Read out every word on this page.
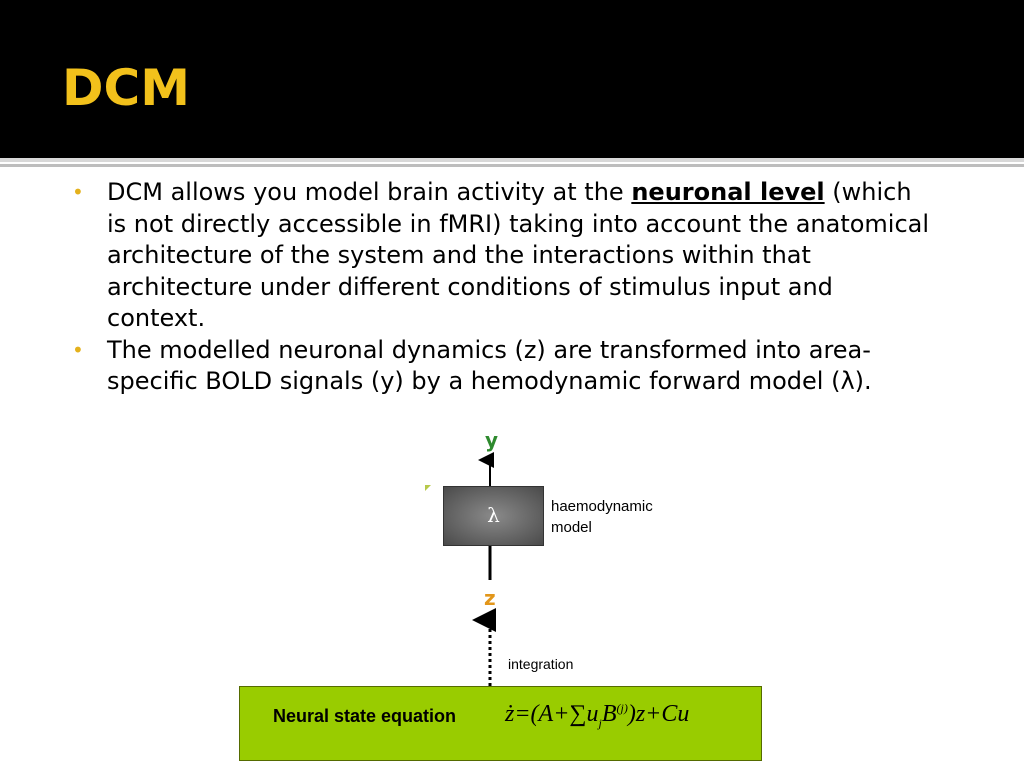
DCM
• DCM allows you model brain activity at the neuronal level (which is not directly accessible in fMRI) taking into account the anatomical architecture of the system and the interactions within that architecture under different conditions of stimulus input and context.
• The modelled neuronal dynamics (z) are transformed into area-specific BOLD signals (y) by a hemodynamic forward model (λ).
y
λ	haemodynamic model
z
integration
Neural state equation $ż=(A+\sum u_jB^{(j)})z+Cu$
